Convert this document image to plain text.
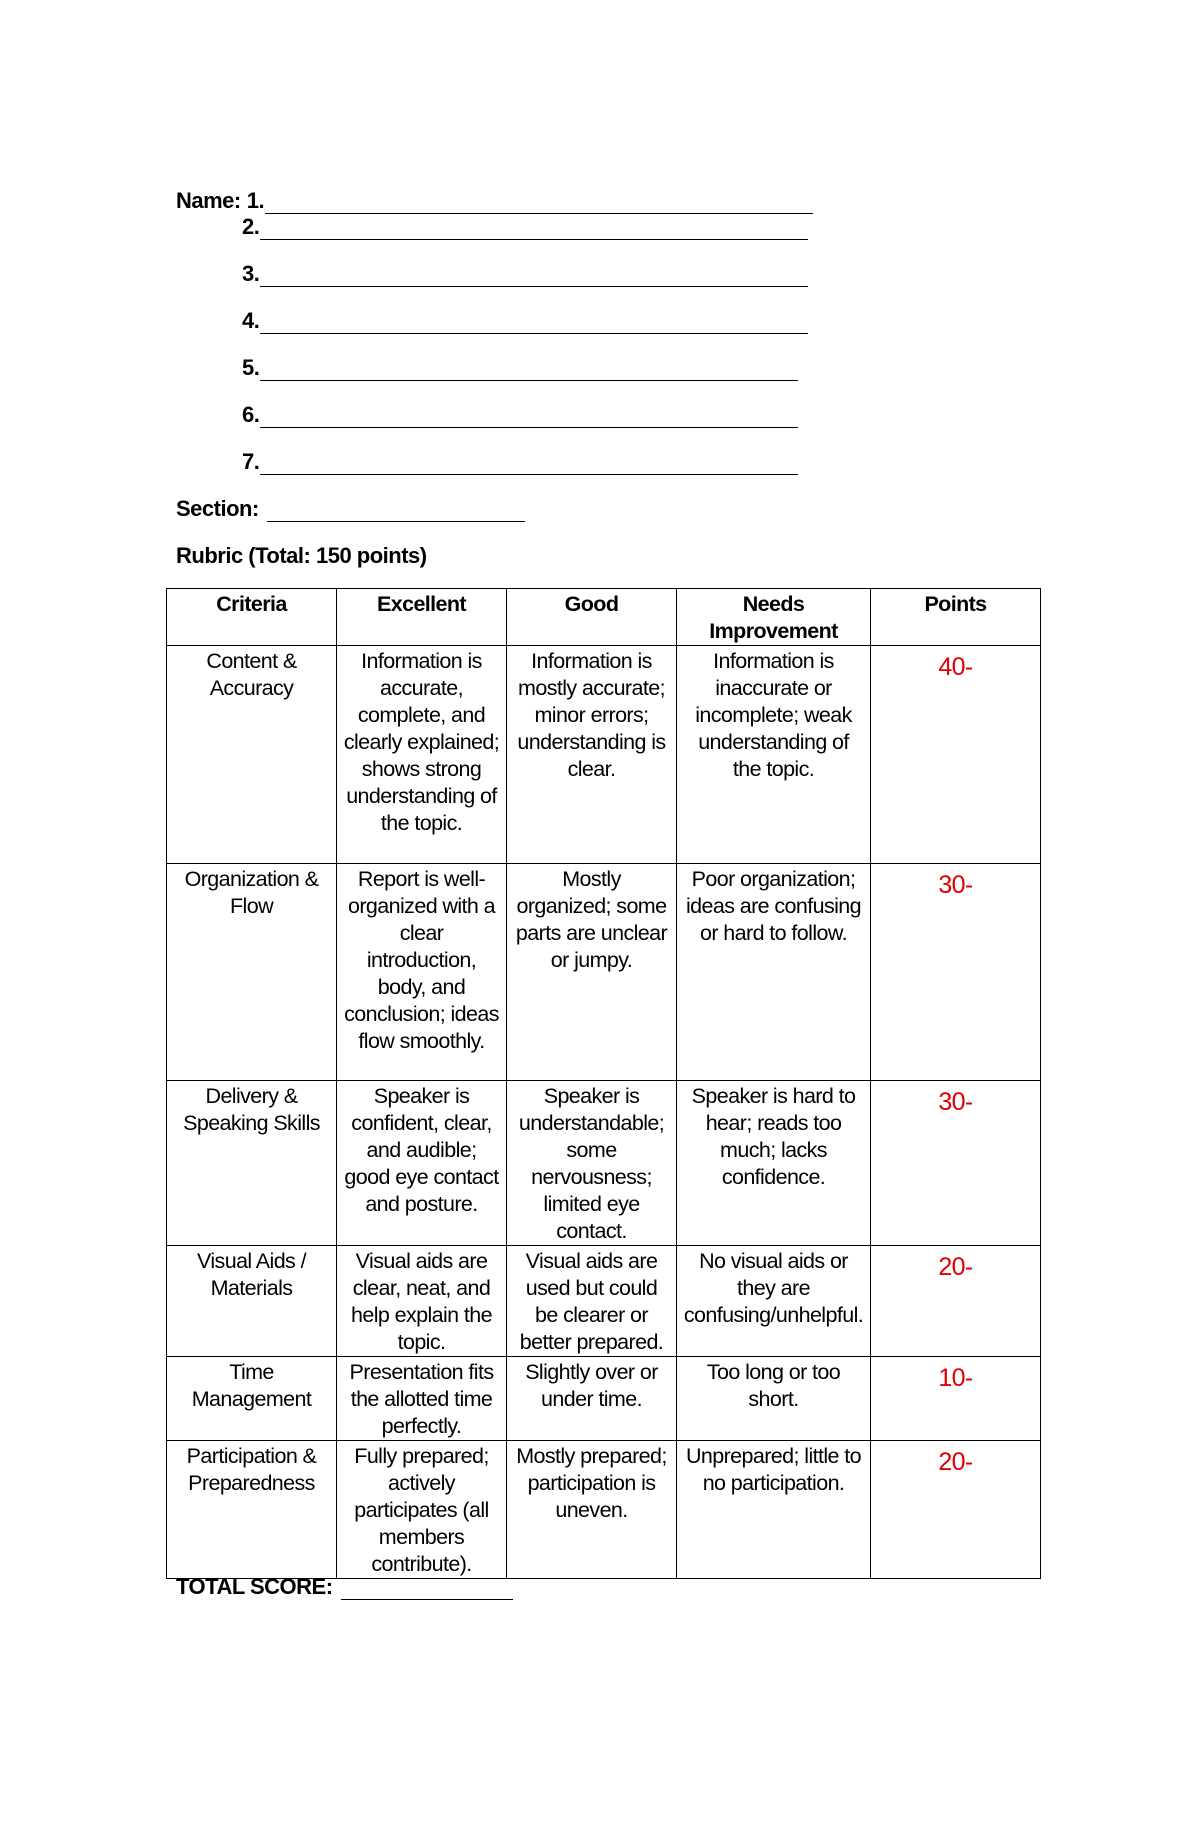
Name: 1.
2.
3.
4.
5.
6.
7.
Section:
Rubric (Total: 150 points)
Criteria	Excellent	Good	Needs Improvement	Points
Content & Accuracy	Information is accurate, complete, and clearly explained; shows strong understanding of the topic.	Information is mostly accurate; minor errors; understanding is clear.	Information is inaccurate or incomplete; weak understanding of the topic.	40-
Organization & Flow	Report is well-organized with a clear introduction, body, and conclusion; ideas flow smoothly.	Mostly organized; some parts are unclear or jumpy.	Poor organization; ideas are confusing or hard to follow.	30-
Delivery & Speaking Skills	Speaker is confident, clear, and audible; good eye contact and posture.	Speaker is understandable; some nervousness; limited eye contact.	Speaker is hard to hear; reads too much; lacks confidence.	30-
Visual Aids / Materials	Visual aids are clear, neat, and help explain the topic.	Visual aids are used but could be clearer or better prepared.	No visual aids or they are confusing/unhelpful.	20-
Time Management	Presentation fits the allotted time perfectly.	Slightly over or under time.	Too long or too short.	10-
Participation & Preparedness	Fully prepared; actively participates (all members contribute).	Mostly prepared; participation is uneven.	Unprepared; little to no participation.	20-
TOTAL SCORE:
